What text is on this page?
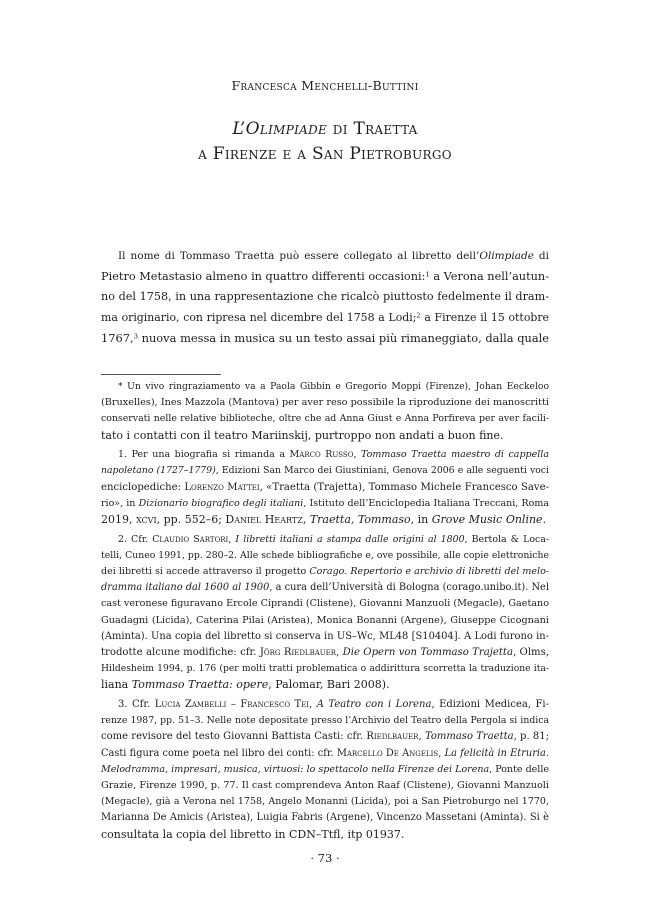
Francesca Menchelli-Buttini
L’Olimpiade di Traetta
a Firenze e a San Pietroburgo
Il nome di Tommaso Traetta può essere collegato al libretto dell’Olimpiade di
Pietro Metastasio almeno in quattro differenti occasioni:$^1$ a Verona nell’autun-
no del 1758, in una rappresentazione che ricalcò piuttosto fedelmente il dram-
ma originario, con ripresa nel dicembre del 1758 a Lodi;$^2$ a Firenze il 15 ottobre
1767,$^3$ nuova messa in musica su un testo assai più rimaneggiato, dalla quale
* Un vivo ringraziamento va a Paola Gibbin e Gregorio Moppi (Firenze), Johan Eeckeloo
(Bruxelles), Ines Mazzola (Mantova) per aver reso possibile la riproduzione dei manoscritti
conservati nelle relative biblioteche, oltre che ad Anna Giust e Anna Porfireva per aver facili-
tato i contatti con il teatro Mariinskij, purtroppo non andati a buon fine.
1. Per una biografia si rimanda a Marco Russo, Tommaso Traetta maestro di cappella
napoletano (1727–1779), Edizioni San Marco dei Giustiniani, Genova 2006 e alle seguenti voci
enciclopediche: Lorenzo Mattei, «Traetta (Trajetta), Tommaso Michele Francesco Save-
rio», in Dizionario biografico degli italiani, Istituto dell’Enciclopedia Italiana Treccani, Roma
2019, xcvi, pp. 552–6; Daniel Heartz, Traetta, Tommaso, in Grove Music Online.
2. Cfr. Claudio Sartori, I libretti italiani a stampa dalle origini al 1800, Bertola & Loca-
telli, Cuneo 1991, pp. 280–2. Alle schede bibliografiche e, ove possibile, alle copie elettroniche
dei libretti si accede attraverso il progetto Corago. Repertorio e archivio di libretti del melo-
dramma italiano dal 1600 al 1900, a cura dell’Università di Bologna (corago.unibo.it). Nel
cast veronese figuravano Ercole Ciprandi (Clistene), Giovanni Manzuoli (Megacle), Gaetano
Guadagni (Licida), Caterina Pilai (Aristea), Monica Bonanni (Argene), Giuseppe Cicognani
(Aminta). Una copia del libretto si conserva in US–Wc, ML48 [S10404]. A Lodi furono in-
trodotte alcune modifiche: cfr. Jörg Riedlbauer, Die Opern von Tommaso Trajetta, Olms,
Hildesheim 1994, p. 176 (per molti tratti problematica o addirittura scorretta la traduzione ita-
liana Tommaso Traetta: opere, Palomar, Bari 2008).
3. Cfr. Lucia Zambelli – Francesco Tei, A Teatro con i Lorena, Edizioni Medicea, Fi-
renze 1987, pp. 51–3. Nelle note depositate presso l’Archivio del Teatro della Pergola si indica
come revisore del testo Giovanni Battista Casti: cfr. Riedlbauer, Tommaso Traetta, p. 81;
Casti figura come poeta nel libro dei conti: cfr. Marcello De Angelis, La felicità in Etruria.
Melodramma, impresari, musica, virtuosi: lo spettacolo nella Firenze dei Lorena, Ponte delle
Grazie, Firenze 1990, p. 77. Il cast comprendeva Anton Raaf (Clistene), Giovanni Manzuoli
(Megacle), già a Verona nel 1758, Angelo Monanni (Licida), poi a San Pietroburgo nel 1770,
Marianna De Amicis (Aristea), Luigia Fabris (Argene), Vincenzo Massetani (Aminta). Si è
consultata la copia del libretto in CDN–Ttfl, itp 01937.
· 73 ·
